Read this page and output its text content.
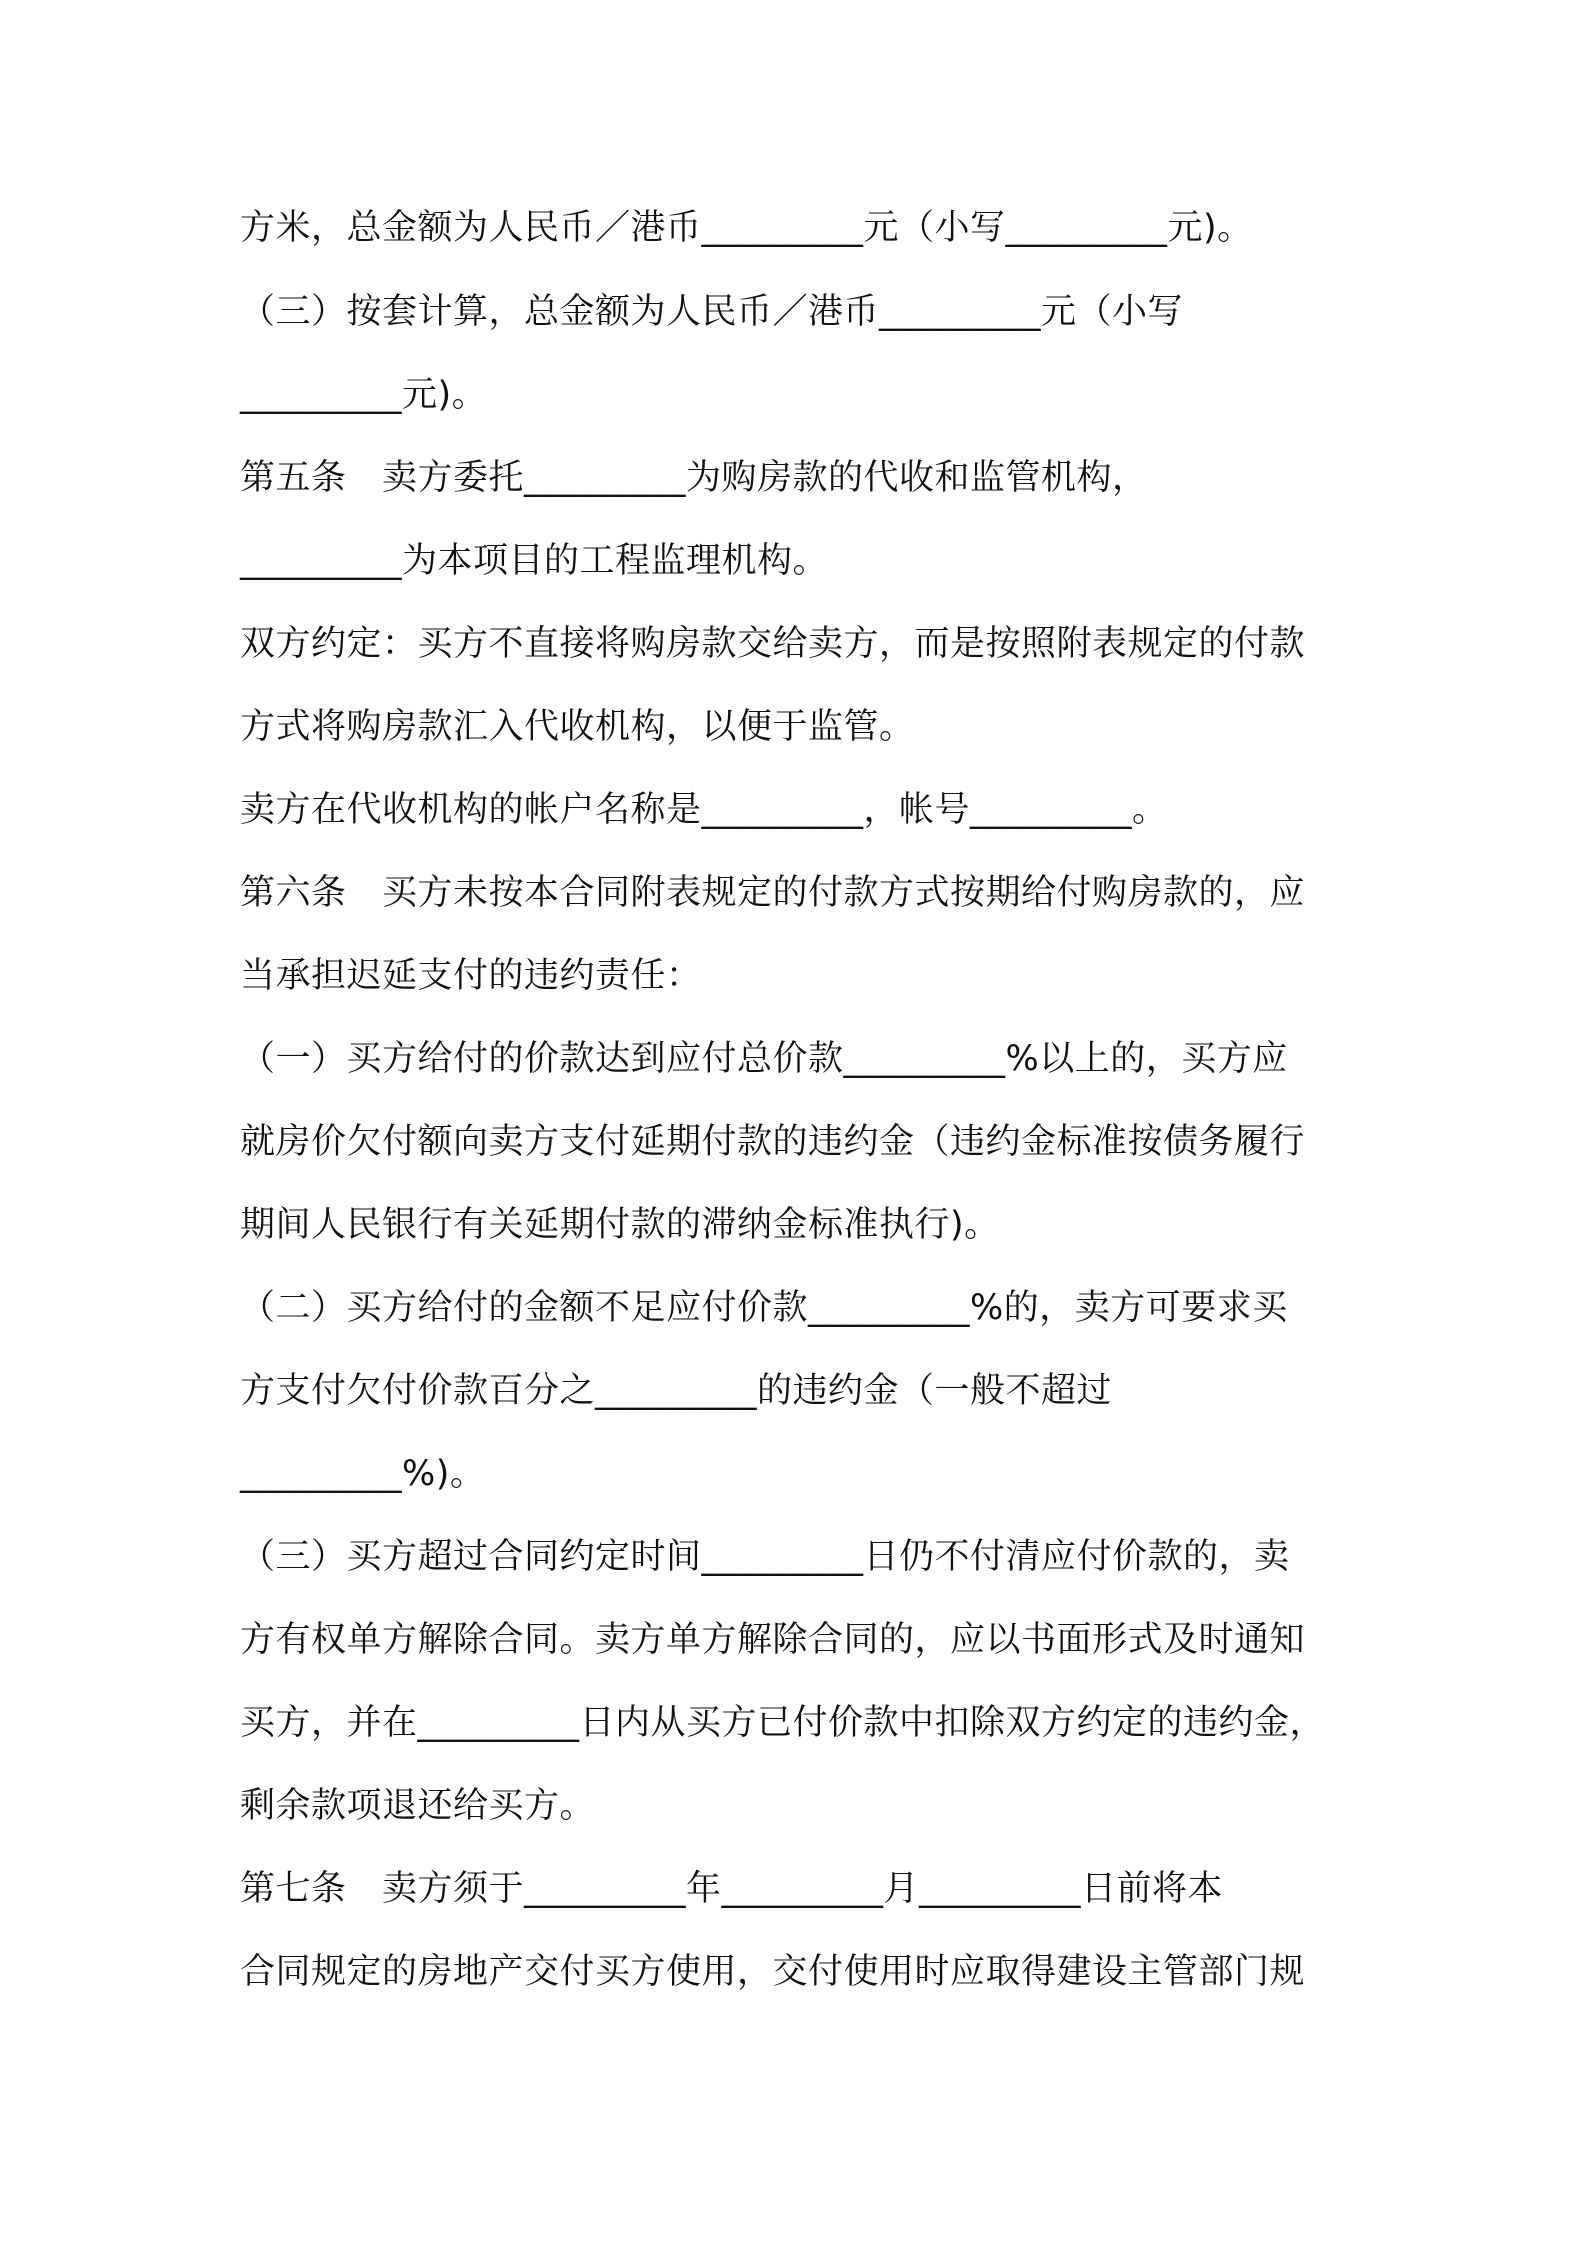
方米，总金额为人民币／港币_________元（小写_________元)。
（三）按套计算，总金额为人民币／港币_________元（小写
_________元)。
第五条　卖方委托_________为购房款的代收和监管机构，
_________为本项目的工程监理机构。
双方约定：买方不直接将购房款交给卖方，而是按照附表规定的付款
方式将购房款汇入代收机构，以便于监管。
卖方在代收机构的帐户名称是_________，帐号_________。
第六条　买方未按本合同附表规定的付款方式按期给付购房款的，应
当承担迟延支付的违约责任：
（一）买方给付的价款达到应付总价款_________%以上的，买方应
就房价欠付额向卖方支付延期付款的违约金（违约金标准按债务履行
期间人民银行有关延期付款的滞纳金标准执行)。
（二）买方给付的金额不足应付价款_________%的，卖方可要求买
方支付欠付价款百分之_________的违约金（一般不超过
_________%)。
（三）买方超过合同约定时间_________日仍不付清应付价款的，卖
方有权单方解除合同。卖方单方解除合同的，应以书面形式及时通知
买方，并在_________日内从买方已付价款中扣除双方约定的违约金，
剩余款项退还给买方。
第七条　卖方须于_________年_________月_________日前将本
合同规定的房地产交付买方使用，交付使用时应取得建设主管部门规
